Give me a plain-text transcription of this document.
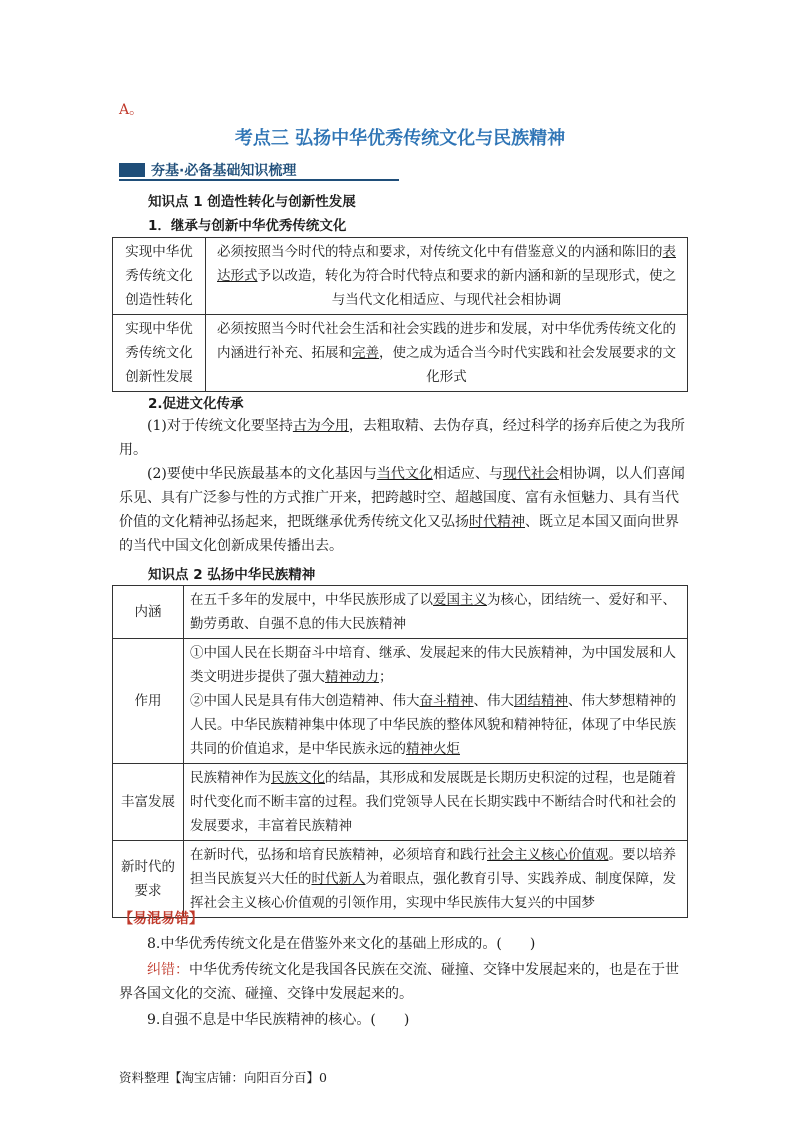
A。
考点三 弘扬中华优秀传统文化与民族精神
夯基·必备基础知识梳理
知识点 1 创造性转化与创新性发展
1．继承与创新中华优秀传统文化
实现中华优秀传统文化创造性转化	必须按照当今时代的特点和要求，对传统文化中有借鉴意义的内涵和陈旧的表达形式予以改造，转化为符合时代特点和要求的新内涵和新的呈现形式，使之与当代文化相适应、与现代社会相协调
实现中华优秀传统文化创新性发展	必须按照当今时代社会生活和社会实践的进步和发展，对中华优秀传统文化的内涵进行补充、拓展和完善，使之成为适合当今时代实践和社会发展要求的文化形式
2.促进文化传承
(1)对于传统文化要坚持古为今用，去粗取精、去伪存真，经过科学的扬弃后使之为我所用。
(2)要使中华民族最基本的文化基因与当代文化相适应、与现代社会相协调，以人们喜闻乐见、具有广泛参与性的方式推广开来，把跨越时空、超越国度、富有永恒魅力、具有当代价值的文化精神弘扬起来，把既继承优秀传统文化又弘扬时代精神、既立足本国又面向世界的当代中国文化创新成果传播出去。
知识点 2 弘扬中华民族精神
内涵	在五千多年的发展中，中华民族形成了以爱国主义为核心，团结统一、爱好和平、勤劳勇敢、自强不息的伟大民族精神
作用	①中国人民在长期奋斗中培育、继承、发展起来的伟大民族精神，为中国发展和人类文明进步提供了强大精神动力；
②中国人民是具有伟大创造精神、伟大奋斗精神、伟大团结精神、伟大梦想精神的人民。中华民族精神集中体现了中华民族的整体风貌和精神特征，体现了中华民族共同的价值追求，是中华民族永远的精神火炬

丰富发展	民族精神作为民族文化的结晶，其形成和发展既是长期历史积淀的过程，也是随着时代变化而不断丰富的过程。我们党领导人民在长期实践中不断结合时代和社会的发展要求，丰富着民族精神
新时代的要求	在新时代，弘扬和培育民族精神，必须培育和践行社会主义核心价值观。要以培养担当民族复兴大任的时代新人为着眼点，强化教育引导、实践养成、制度保障，发挥社会主义核心价值观的引领作用，实现中华民族伟大复兴的中国梦
【易混易错】
8.中华优秀传统文化是在借鉴外来文化的基础上形成的。(　　)
纠错：中华优秀传统文化是我国各民族在交流、碰撞、交锋中发展起来的，也是在于世界各国文化的交流、碰撞、交锋中发展起来的。
9.自强不息是中华民族精神的核心。(　　)
资料整理【淘宝店铺：向阳百分百】0
